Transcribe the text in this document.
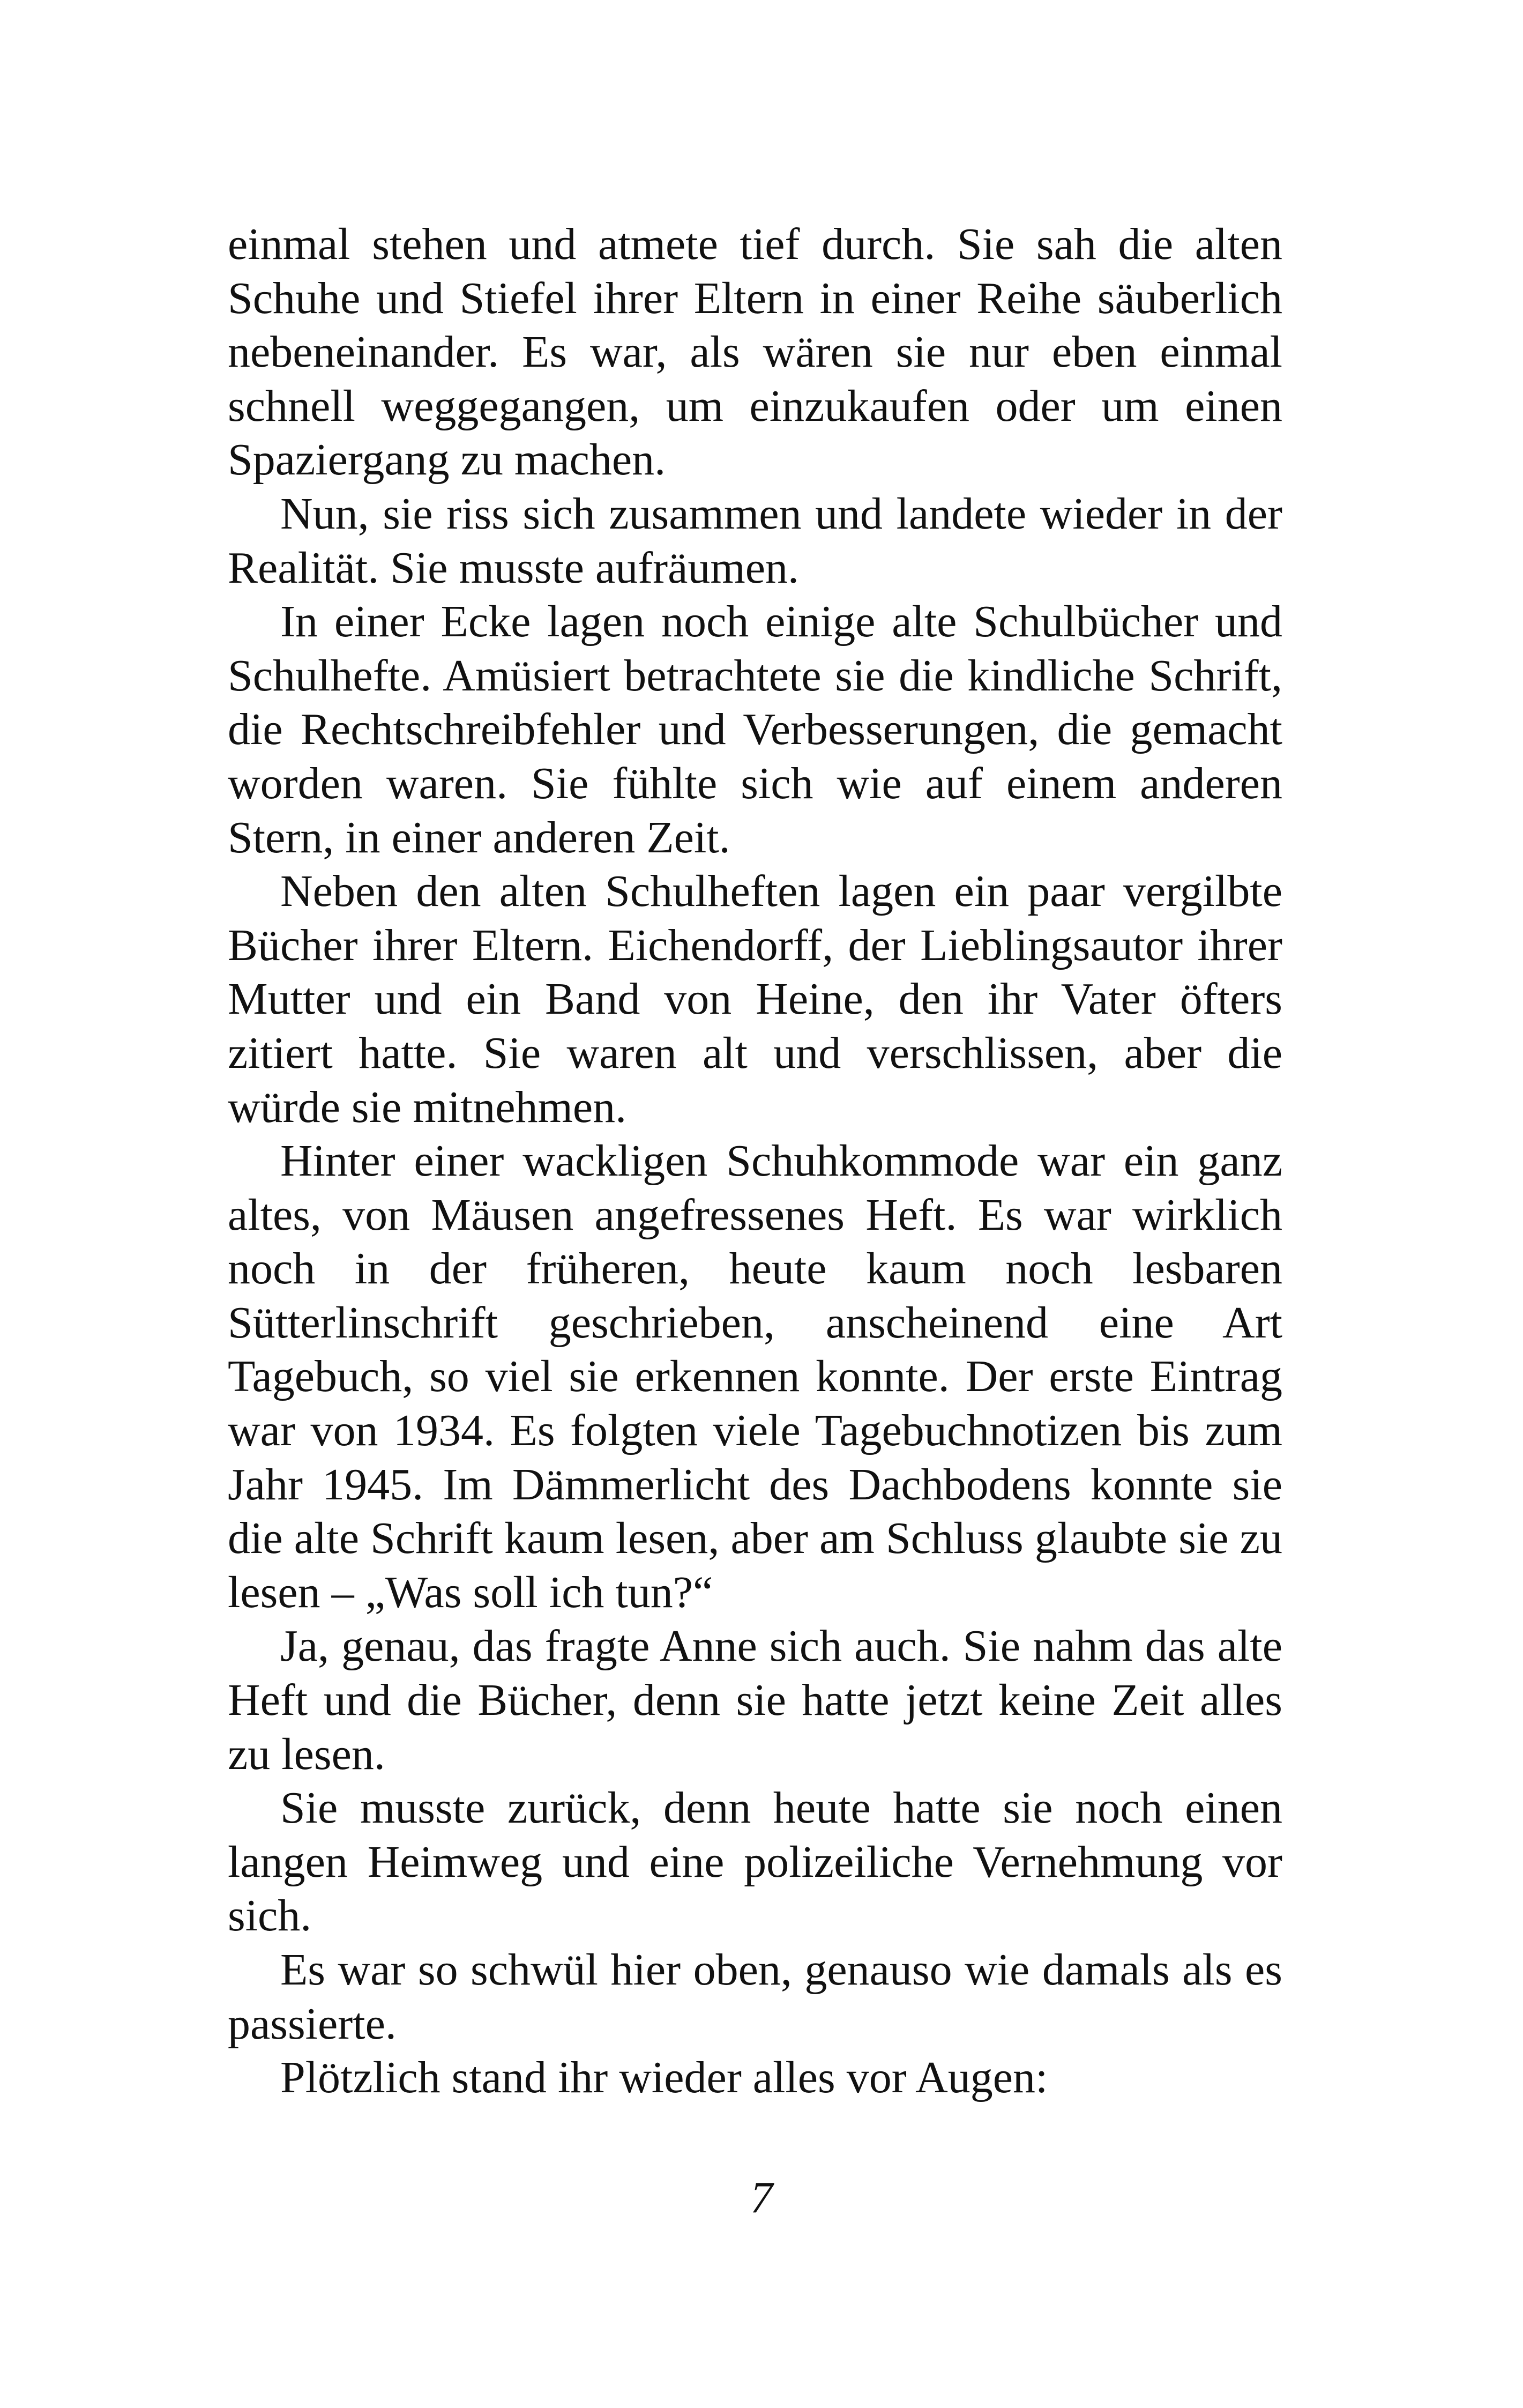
einmal stehen und atmete tief durch. Sie sah die alten Schuhe und Stiefel ihrer Eltern in einer Reihe säuberlich nebeneinander. Es war, als wären sie nur eben einmal schnell weggegangen, um einzukaufen oder um einen Spaziergang zu machen.

Nun, sie riss sich zusammen und landete wieder in der Realität. Sie musste aufräumen.

In einer Ecke lagen noch einige alte Schulbücher und Schulhefte. Amüsiert betrachtete sie die kindliche Schrift, die Rechtschreibfehler und Verbesserungen, die gemacht worden waren. Sie fühlte sich wie auf einem anderen Stern, in einer anderen Zeit.

Neben den alten Schulheften lagen ein paar vergilbte Bücher ihrer Eltern. Eichendorff, der Lieblingsautor ihrer Mutter und ein Band von Heine, den ihr Vater öfters zitiert hatte. Sie waren alt und verschlissen, aber die würde sie mitnehmen.

Hinter einer wackligen Schuhkommode war ein ganz altes, von Mäusen angefressenes Heft. Es war wirklich noch in der früheren, heute kaum noch lesbaren Sütterlinschrift geschrieben, anscheinend eine Art Tagebuch, so viel sie erkennen konnte. Der erste Eintrag war von 1934. Es folgten viele Tagebuchnotizen bis zum Jahr 1945. Im Dämmerlicht des Dachbodens konnte sie die alte Schrift kaum lesen, aber am Schluss glaubte sie zu lesen – „Was soll ich tun?“

Ja, genau, das fragte Anne sich auch. Sie nahm das alte Heft und die Bücher, denn sie hatte jetzt keine Zeit alles zu lesen.

Sie musste zurück, denn heute hatte sie noch einen langen Heimweg und eine polizeiliche Vernehmung vor sich.

Es war so schwül hier oben, genauso wie damals als es passierte.

Plötzlich stand ihr wieder alles vor Augen:

7
